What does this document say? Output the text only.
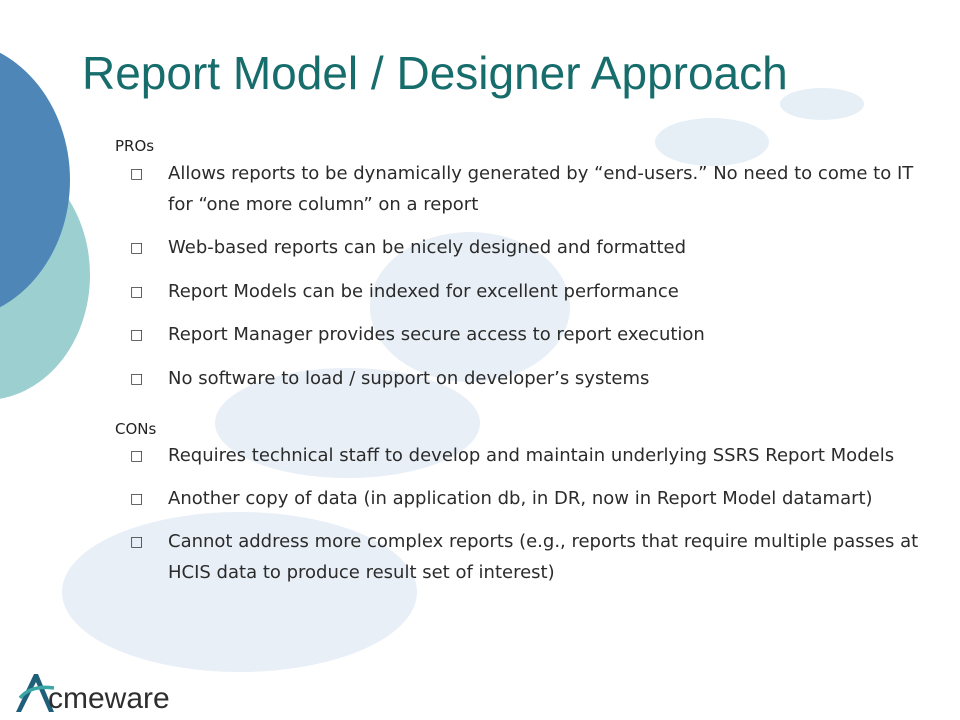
Report Model / Designer Approach
PROs
□ Allows reports to be dynamically generated by “end-users.” No need to come to IT for “one more column” on a report
□ Web-based reports can be nicely designed and formatted
□ Report Models can be indexed for excellent performance
□ Report Manager provides secure access to report execution
□ No software to load / support on developer’s systems
CONs
□ Requires technical staff to develop and maintain underlying SSRS Report Models
□ Another copy of data (in application db, in DR, now in Report Model datamart)
□ Cannot address more complex reports (e.g., reports that require multiple passes at HCIS data to produce result set of interest)
cmeware
